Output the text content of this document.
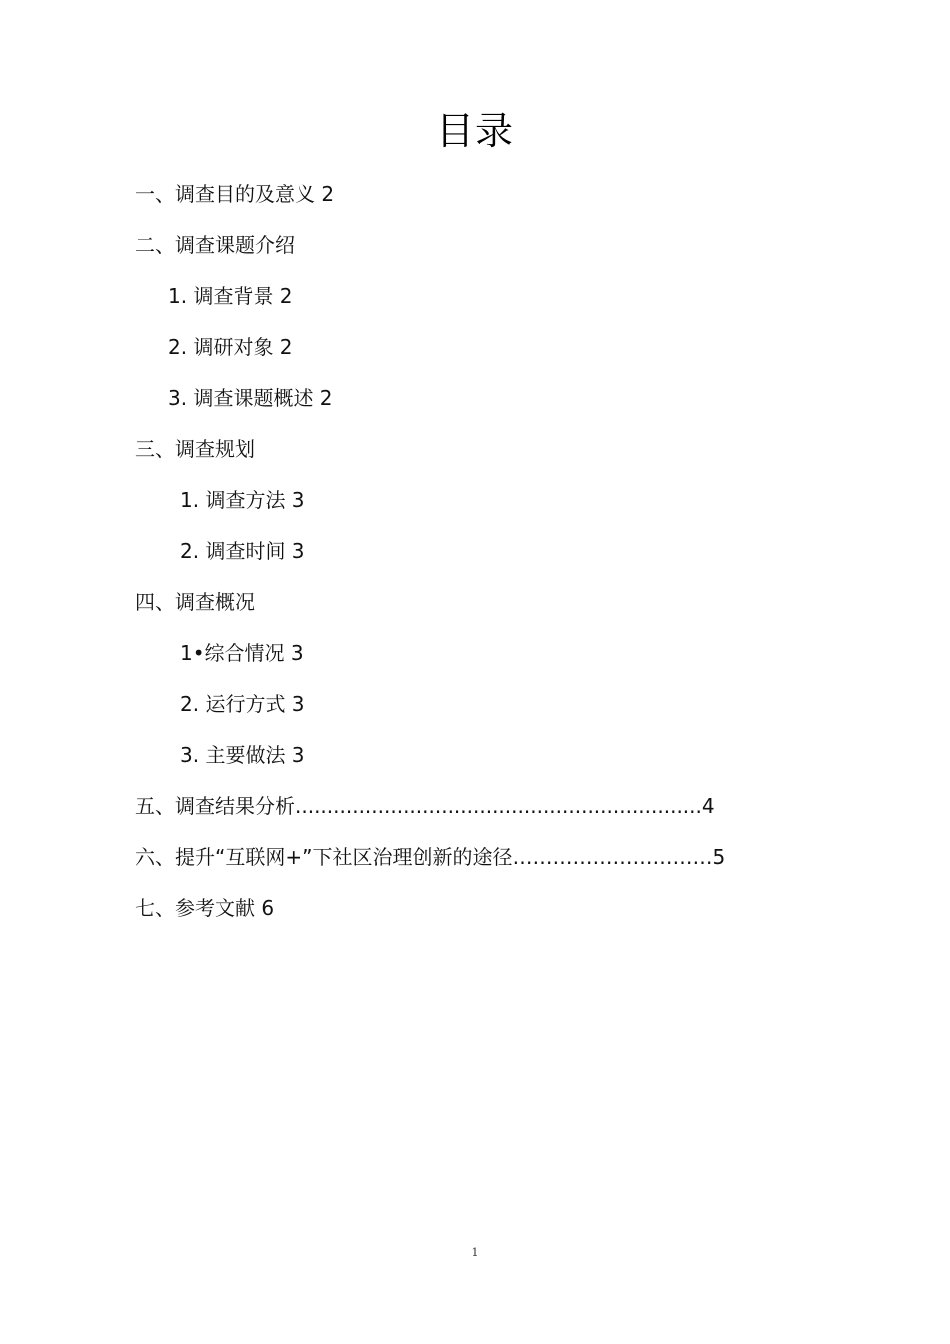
目录
一、调查目的及意义 2
二、调查课题介绍
1. 调查背景 2
2. 调研对象 2
3. 调查课题概述 2
三、调查规划
1. 调查方法 3
2. 调查时间 3
四、调查概况
1•综合情况 3
2. 运行方式 3
3. 主要做法 3
五、调查结果分析................................................................4
六、提升“互联网+”下社区治理创新的途径…………………………5
七、参考文献 6
1
